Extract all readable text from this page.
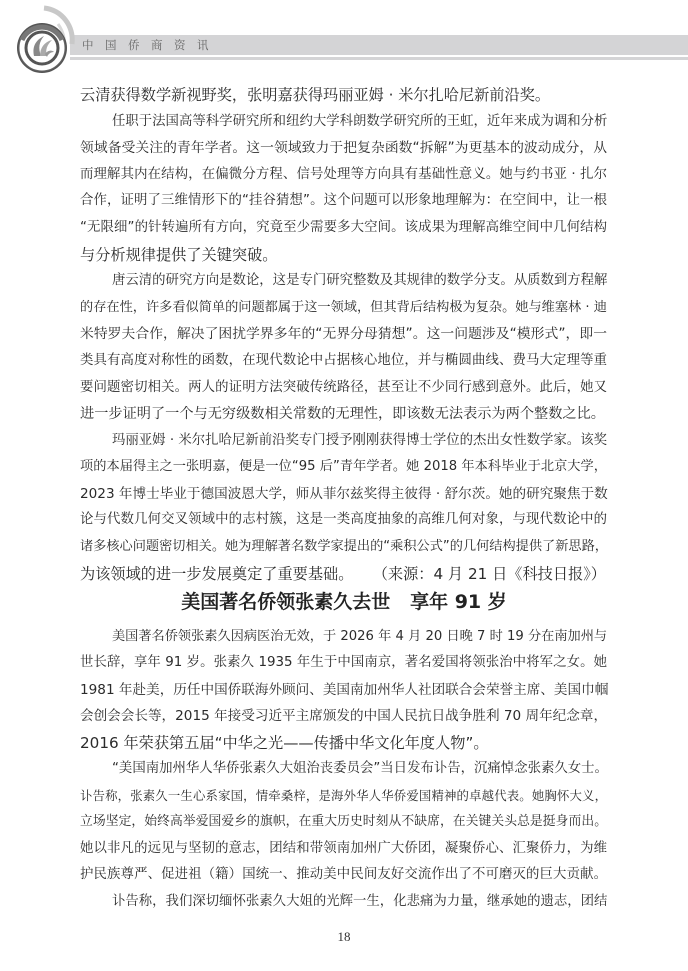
中国侨商资讯
云清获得数学新视野奖，张明嘉获得玛丽亚姆 · 米尔扎哈尼新前沿奖。
任职于法国高等科学研究所和纽约大学科朗数学研究所的王虹，近年来成为调和分析
领域备受关注的青年学者。这一领域致力于把复杂函数“拆解”为更基本的波动成分，从
而理解其内在结构，在偏微分方程、信号处理等方向具有基础性意义。她与约书亚 · 扎尔
合作，证明了三维情形下的“挂谷猜想”。这个问题可以形象地理解为：在空间中，让一根
“无限细”的针转遍所有方向，究竟至少需要多大空间。该成果为理解高维空间中几何结构
与分析规律提供了关键突破。
唐云清的研究方向是数论，这是专门研究整数及其规律的数学分支。从质数到方程解
的存在性，许多看似简单的问题都属于这一领域，但其背后结构极为复杂。她与维塞林 · 迪
米特罗夫合作，解决了困扰学界多年的“无界分母猜想”。这一问题涉及“模形式”，即一
类具有高度对称性的函数，在现代数论中占据核心地位，并与椭圆曲线、费马大定理等重
要问题密切相关。两人的证明方法突破传统路径，甚至让不少同行感到意外。此后，她又
进一步证明了一个与无穷级数相关常数的无理性，即该数无法表示为两个整数之比。
玛丽亚姆 · 米尔扎哈尼新前沿奖专门授予刚刚获得博士学位的杰出女性数学家。该奖
项的本届得主之一张明嘉，便是一位“95 后”青年学者。她 2018 年本科毕业于北京大学，
2023 年博士毕业于德国波恩大学，师从菲尔兹奖得主彼得 · 舒尔茨。她的研究聚焦于数
论与代数几何交叉领域中的志村簇，这是一类高度抽象的高维几何对象，与现代数论中的
诸多核心问题密切相关。她为理解著名数学家提出的“乘积公式”的几何结构提供了新思路，
为该领域的进一步发展奠定了重要基础。	（来源：4 月 21 日《科技日报》）
美国著名侨领张素久去世   享年 91 岁
美国著名侨领张素久因病医治无效，于 2026 年 4 月 20 日晚 7 时 19 分在南加州与
世长辞，享年 91 岁。张素久 1935 年生于中国南京，著名爱国将领张治中将军之女。她
1981 年赴美，历任中国侨联海外顾问、美国南加州华人社团联合会荣誉主席、美国巾帼
会创会会长等，2015 年接受习近平主席颁发的中国人民抗日战争胜利 70 周年纪念章，
2016 年荣获第五届“中华之光——传播中华文化年度人物”。
“美国南加州华人华侨张素久大姐治丧委员会”当日发布讣告，沉痛悼念张素久女士。
讣告称，张素久一生心系家国，情牵桑梓，是海外华人华侨爱国精神的卓越代表。她胸怀大义，
立场坚定，始终高举爱国爱乡的旗帜，在重大历史时刻从不缺席，在关键关头总是挺身而出。
她以非凡的远见与坚韧的意志，团结和带领南加州广大侨团，凝聚侨心、汇聚侨力，为维
护民族尊严、促进祖（籍）国统一、推动美中民间友好交流作出了不可磨灭的巨大贡献。
讣告称，我们深切缅怀张素久大姐的光辉一生，化悲痛为力量，继承她的遗志，团结
18
